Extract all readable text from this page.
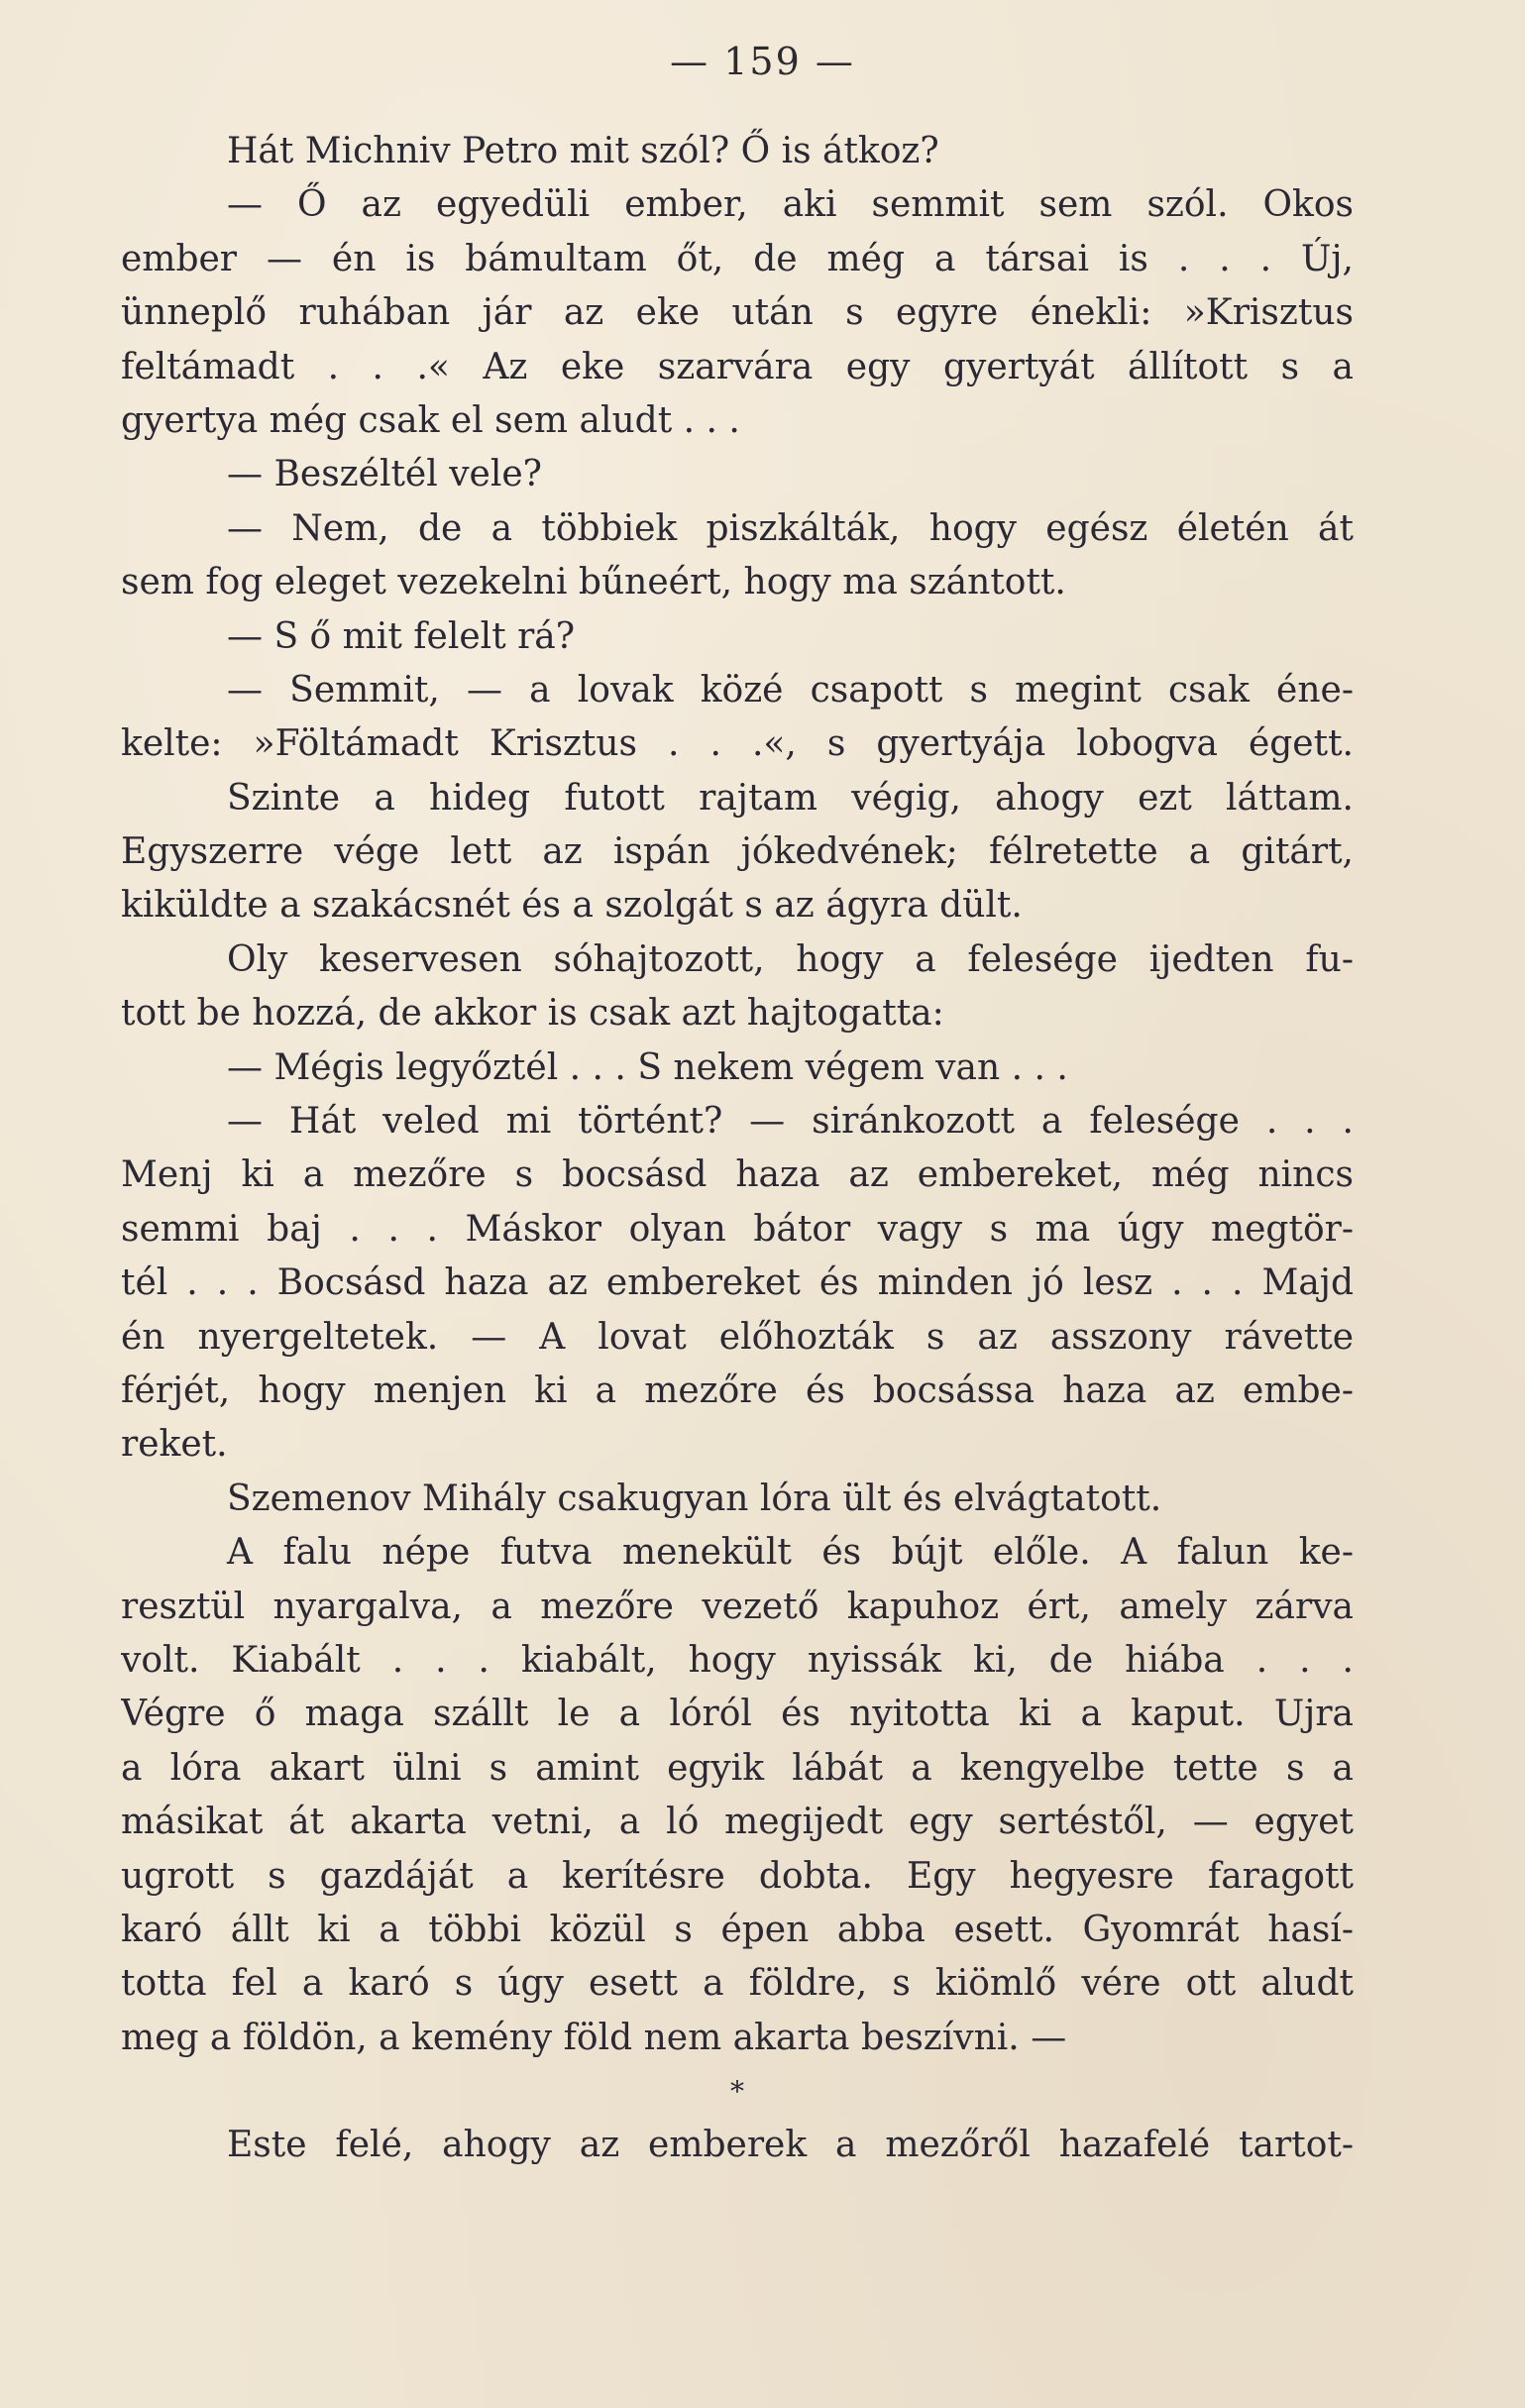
— 159 —
Hát Michniv Petro mit szól? Ő is átkoz?
— Ő az egyedüli ember, aki semmit sem szól. Okos
ember — én is bámultam őt, de még a társai is . . . Új,
ünneplő ruhában jár az eke után s egyre énekli: »Krisztus
feltámadt . . .« Az eke szarvára egy gyertyát állított s a
gyertya még csak el sem aludt . . .
— Beszéltél vele?
— Nem, de a többiek piszkálták, hogy egész életén át
sem fog eleget vezekelni bűneért, hogy ma szántott.
— S ő mit felelt rá?
— Semmit, — a lovak közé csapott s megint csak éne-
kelte: »Föltámadt Krisztus . . .«, s gyertyája lobogva égett.
Szinte a hideg futott rajtam végig, ahogy ezt láttam.
Egyszerre vége lett az ispán jókedvének; félretette a gitárt,
kiküldte a szakácsnét és a szolgát s az ágyra dült.
Oly keservesen sóhajtozott, hogy a felesége ijedten fu-
tott be hozzá, de akkor is csak azt hajtogatta:
— Mégis legyőztél . . . S nekem végem van . . .
— Hát veled mi történt? — siránkozott a felesége . . .
Menj ki a mezőre s bocsásd haza az embereket, még nincs
semmi baj . . . Máskor olyan bátor vagy s ma úgy megtör-
tél . . . Bocsásd haza az embereket és minden jó lesz . . . Majd
én nyergeltetek. — A lovat előhozták s az asszony rávette
férjét, hogy menjen ki a mezőre és bocsássa haza az embe-
reket.
Szemenov Mihály csakugyan lóra ült és elvágtatott.
A falu népe futva menekült és bújt előle. A falun ke-
resztül nyargalva, a mezőre vezető kapuhoz ért, amely zárva
volt. Kiabált . . . kiabált, hogy nyissák ki, de hiába . . .
Végre ő maga szállt le a lóról és nyitotta ki a kaput. Ujra
a lóra akart ülni s amint egyik lábát a kengyelbe tette s a
másikat át akarta vetni, a ló megijedt egy sertéstől, — egyet
ugrott s gazdáját a kerítésre dobta. Egy hegyesre faragott
karó állt ki a többi közül s épen abba esett. Gyomrát hasí-
totta fel a karó s úgy esett a földre, s kiömlő vére ott aludt
meg a földön, a kemény föld nem akarta beszívni. —
*
Este felé, ahogy az emberek a mezőről hazafelé tartot-
